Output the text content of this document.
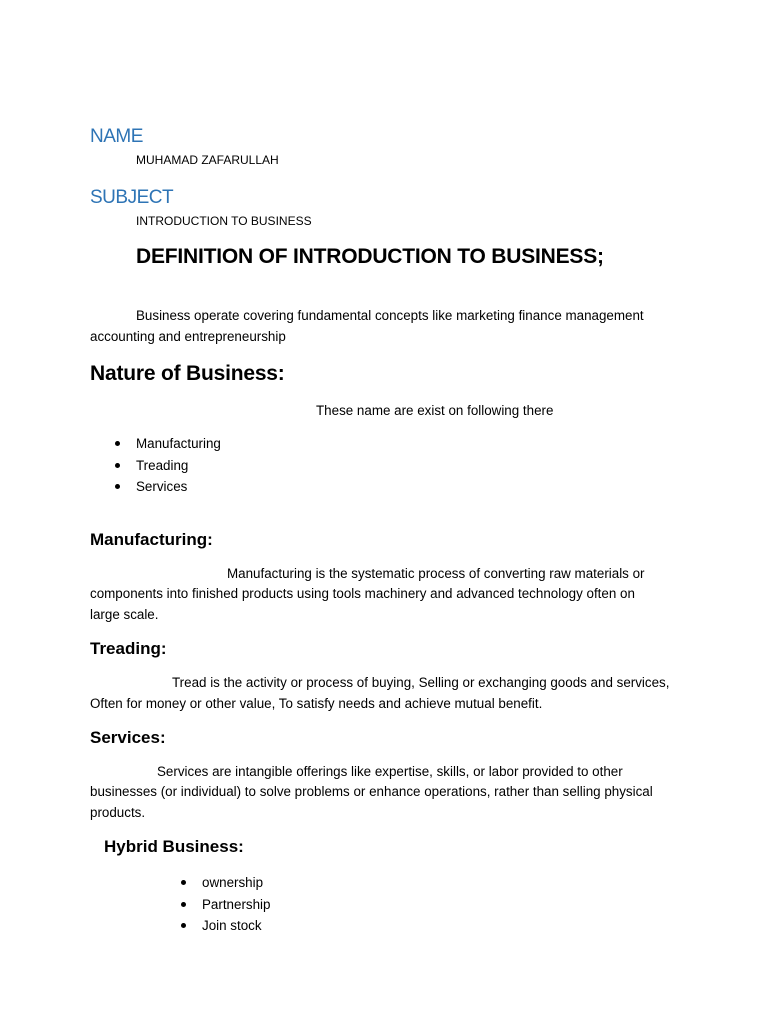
NAME
MUHAMAD ZAFARULLAH
SUBJECT
INTRODUCTION TO BUSINESS
DEFINITION OF INTRODUCTION TO BUSINESS;
Business operate covering fundamental concepts like marketing finance management
accounting and entrepreneurship
Nature of Business:
These name are exist on following there
Manufacturing
Treading
Services
Manufacturing:
Manufacturing is the systematic process of converting raw materials or
components into finished products using tools machinery and advanced technology often on
large scale.
Treading:
Tread is the activity or process of buying, Selling or exchanging goods and services,
Often for money or other value, To satisfy needs and achieve mutual benefit.
Services:
Services are intangible offerings like expertise, skills, or labor provided to other
businesses (or individual) to solve problems or enhance operations, rather than selling physical
products.
Hybrid Business:
ownership
Partnership
Join stock
